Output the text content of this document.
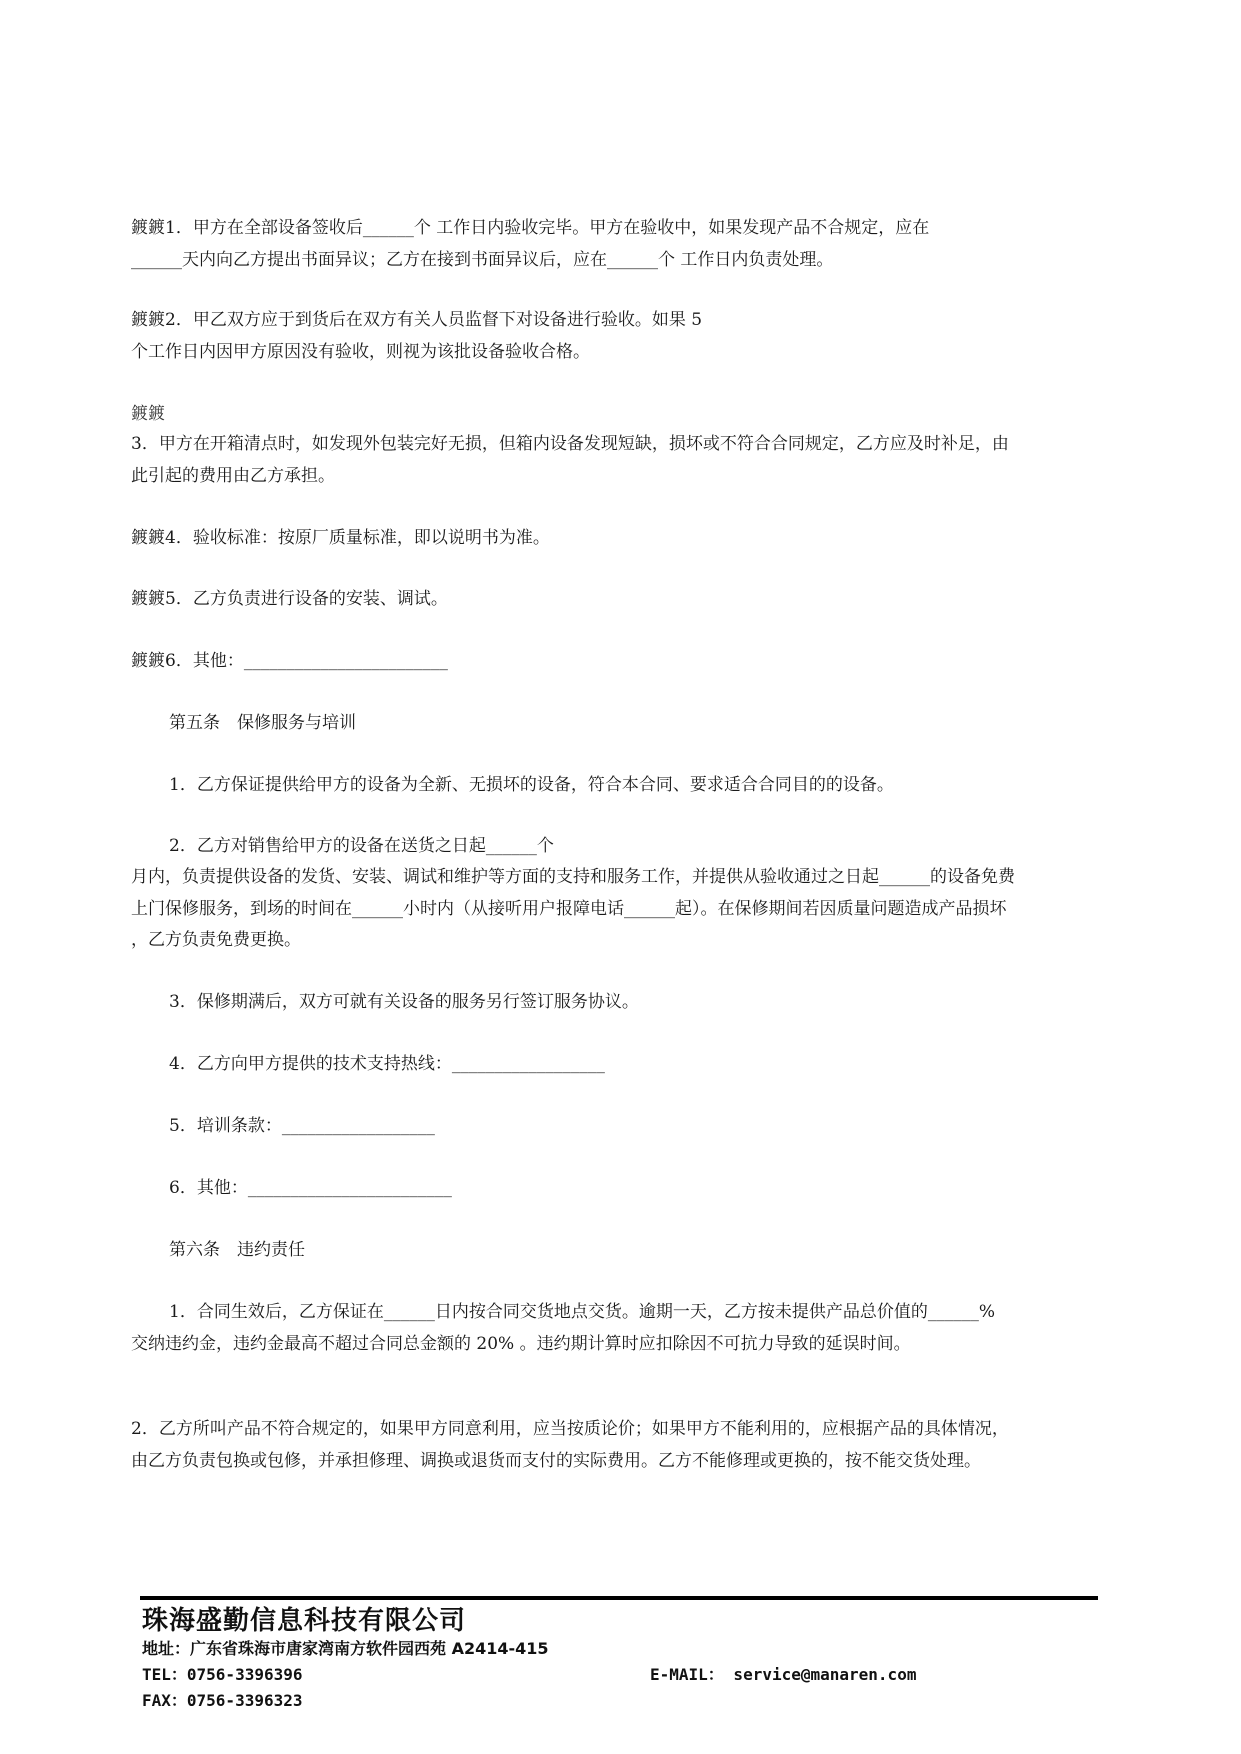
鍍鍍1．甲方在全部设备签收后______个 工作日内验收完毕。甲方在验收中，如果发现产品不合规定，应在
______天内向乙方提出书面异议；乙方在接到书面异议后，应在______个 工作日内负责处理。
鍍鍍2．甲乙双方应于到货后在双方有关人员监督下对设备进行验收。如果 5
个工作日内因甲方原因没有验收，则视为该批设备验收合格。
鍍鍍
3．甲方在开箱清点时，如发现外包装完好无损，但箱内设备发现短缺，损坏或不符合合同规定，乙方应及时补足，由
此引起的费用由乙方承担。
鍍鍍4．验收标准：按原厂质量标准，即以说明书为准。
鍍鍍5．乙方负责进行设备的安装、调试。
鍍鍍6．其他：________________________
第五条　保修服务与培训
1．乙方保证提供给甲方的设备为全新、无损坏的设备，符合本合同、要求适合合同目的的设备。
2．乙方对销售给甲方的设备在送货之日起______个
月内，负责提供设备的发货、安装、调试和维护等方面的支持和服务工作，并提供从验收通过之日起______的设备免费
上门保修服务，到场的时间在______小时内（从接听用户报障电话______起）。在保修期间若因质量问题造成产品损坏
，乙方负责免费更换。
3．保修期满后，双方可就有关设备的服务另行签订服务协议。
4．乙方向甲方提供的技术支持热线：__________________
5．培训条款：__________________
6．其他：________________________
第六条　违约责任
1．合同生效后，乙方保证在______日内按合同交货地点交货。逾期一天，乙方按未提供产品总价值的______%
交纳违约金，违约金最高不超过合同总金额的 20% 。违约期计算时应扣除因不可抗力导致的延误时间。
2．乙方所叫产品不符合规定的，如果甲方同意利用，应当按质论价；如果甲方不能利用的，应根据产品的具体情况，
由乙方负责包换或包修，并承担修理、调换或退货而支付的实际费用。乙方不能修理或更换的，按不能交货处理。
珠海盛勤信息科技有限公司
地址：广东省珠海市唐家湾南方软件园西苑 A2414-415
TEL：0756-3396396
FAX：0756-3396323
E-MAIL： service@manaren.com
